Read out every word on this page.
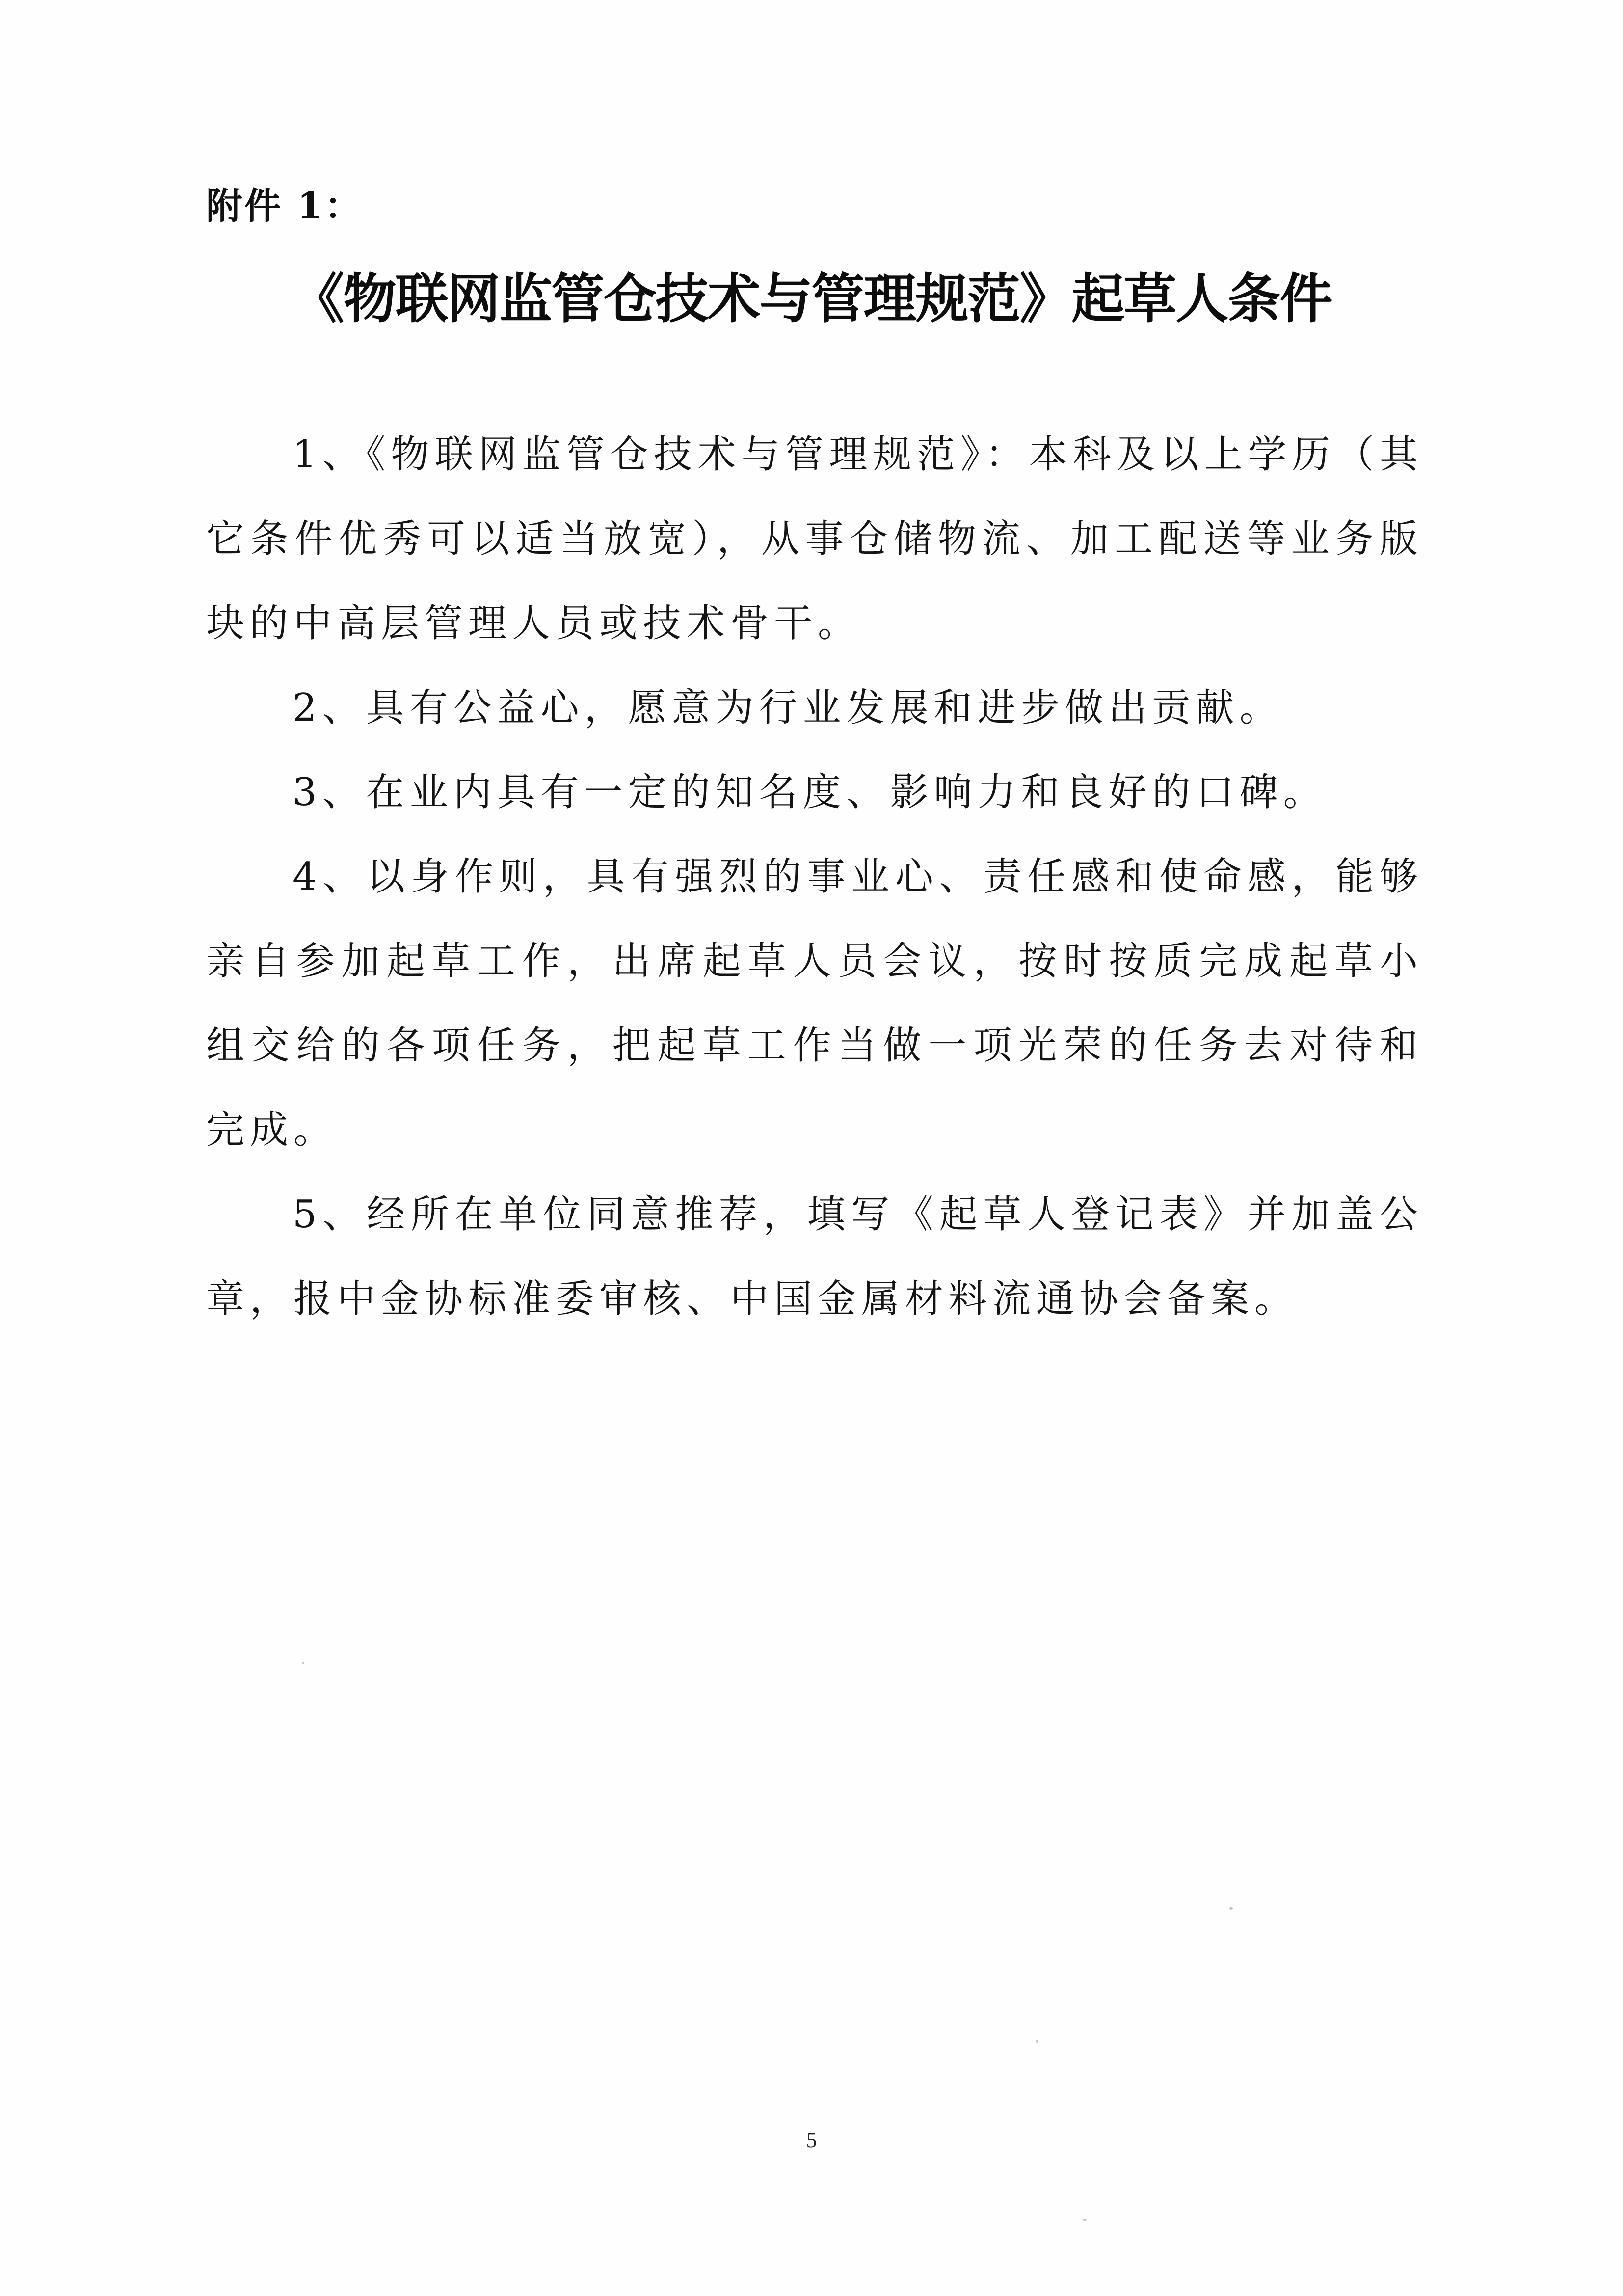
附件 1：
《物联网监管仓技术与管理规范》起草人条件

1、《物联网监管仓技术与管理规范》：本科及以上学历（其它条件优秀可以适当放宽），从事仓储物流、加工配送等业务版块的中高层管理人员或技术骨干。

2、具有公益心，愿意为行业发展和进步做出贡献。

3、在业内具有一定的知名度、影响力和良好的口碑。

4、以身作则，具有强烈的事业心、责任感和使命感，能够亲自参加起草工作，出席起草人员会议，按时按质完成起草小组交给的各项任务，把起草工作当做一项光荣的任务去对待和完成。

5、经所在单位同意推荐，填写《起草人登记表》并加盖公章，报中金协标准委审核、中国金属材料流通协会备案。

5
